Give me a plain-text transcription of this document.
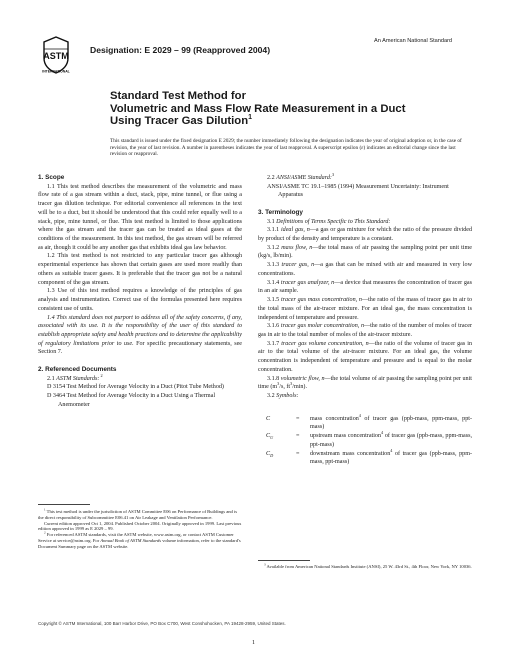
ASTM
INTERNATIONAL
Designation: E 2029 – 99 (Reapproved 2004)
An American National Standard
Standard Test Method for
Volumetric and Mass Flow Rate Measurement in a Duct
Using Tracer Gas Dilution$^1$
This standard is issued under the fixed designation E 2029; the number immediately following the designation indicates the year of original adoption or, in the case of revision, the year of last revision. A number in parentheses indicates the year of last reapproval. A superscript epsilon (ε) indicates an editorial change since the last revision or reapproval.

1. Scope

1.1 This test method describes the measurement of the volumetric and mass flow rate of a gas stream within a duct, stack, pipe, mine tunnel, or flue using a tracer gas dilution technique. For editorial convenience all references in the text will be to a duct, but it should be understood that this could refer equally well to a stack, pipe, mine tunnel, or flue. This test method is limited to those applications where the gas stream and the tracer gas can be treated as ideal gases at the conditions of the measurement. In this test method, the gas stream will be referred as air, though it could be any another gas that exhibits ideal gas law behavior.

1.2 This test method is not restricted to any particular tracer gas although experimental experience has shown that certain gases are used more readily than others as suitable tracer gases. It is preferable that the tracer gas not be a natural component of the gas stream.

1.3 Use of this test method requires a knowledge of the principles of gas analysis and instrumentation. Correct use of the formulas presented here requires consistent use of units.

1.4 This standard does not purport to address all of the safety concerns, if any, associated with its use. It is the responsibility of the user of this standard to establish appropriate safety and health practices and to determine the applicability of regulatory limitations prior to use. For specific precautionary statements, see Section 7.

2. Referenced Documents

2.1 ASTM Standards: $^2$

D 3154 Test Method for Average Velocity in a Duct (Pitot Tube Method)

D 3464 Test Method for Average Velocity in a Duct Using a Thermal Anemometer

$^1$ This test method is under the jurisdiction of ASTM Committee E06 on Performance of Buildings and is the direct responsibility of Subcommittee E06.41 on Air Leakage and Ventilation Performance.

Current edition approved Oct 1, 2004. Published October 2004. Originally approved in 1999. Last previous edition approved in 1999 as E 2029 – 99.

$^2$ For referenced ASTM standards, visit the ASTM website, www.astm.org, or contact ASTM Customer Service at service@astm.org. For Annual Book of ASTM Standards volume information, refer to the standard's Document Summary page on the ASTM website.

2.2 ANSI/ASME Standard:$^3$

ANSI/ASME TC 19.1–1985 (1994) Measurement Uncertainty: Instrument Apparatus

3. Terminology

3.1 Definitions of Terms Specific to This Standard:

3.1.1 ideal gas, n—a gas or gas mixture for which the ratio of the pressure divided by product of the density and temperature is a constant.

3.1.2 mass flow, n—the total mass of air passing the sampling point per unit time (kg/s, lb/min).

3.1.3 tracer gas, n—a gas that can be mixed with air and measured in very low concentrations.

3.1.4 tracer gas analyzer, n—a device that measures the concentration of tracer gas in an air sample.

3.1.5 tracer gas mass concentration, n—the ratio of the mass of tracer gas in air to the total mass of the air-tracer mixture. For an ideal gas, the mass concentration is independent of temperature and pressure.

3.1.6 tracer gas molar concentration, n—the ratio of the number of moles of tracer gas in air to the total number of moles of the air-tracer mixture.

3.1.7 tracer gas volume concentration, n—the ratio of the volume of tracer gas in air to the total volume of the air-tracer mixture. For an ideal gas, the volume concentration is independent of temperature and pressure and is equal to the molar concentration.

3.1.8 volumetric flow, n—the total volume of air passing the sampling point per unit time ($m^3/s$, $ft^3/\min$).

3.2 Symbols:

C	=	mass concentration$^4$ of tracer gas (ppb-mass, ppm-mass, ppt-mass)
$C_U$	=	upstream mass concentration$^4$ of tracer gas (ppb-mass, ppm-mass, ppt-mass)
$C_D$	=	downstream mass concentration$^4$ of tracer gas (ppb-mass, ppm-mass, ppt-mass)

$^3$ Available from American National Standards Institute (ANSI), 25 W. 43rd St., 4th Floor, New York, NY 10036.

Copyright © ASTM International, 100 Barr Harbor Drive, PO Box C700, West Conshohocken, PA 19428-2959, United States.
1
